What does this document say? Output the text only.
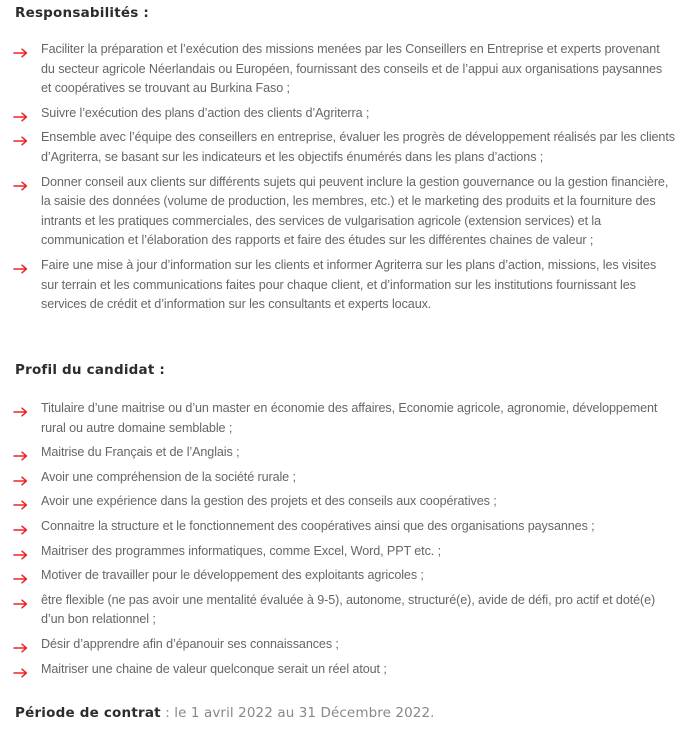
Responsabilités :
Faciliter la préparation et l’exécution des missions menées par les Conseillers en Entreprise et experts provenant du secteur agricole Néerlandais ou Européen, fournissant des conseils et de l’appui aux organisations paysannes et coopératives se trouvant au Burkina Faso ;
Suivre l’exécution des plans d’action des clients d’Agriterra ;
Ensemble avec l’équipe des conseillers en entreprise, évaluer les progrès de développement réalisés par les clients d’Agriterra, se basant sur les indicateurs et les objectifs énumérés dans les plans d’actions ;
Donner conseil aux clients sur différents sujets qui peuvent inclure la gestion gouvernance ou la gestion financière, la saisie des données (volume de production, les membres, etc.) et le marketing des produits et la fourniture des intrants et les pratiques commerciales, des services de vulgarisation agricole (extension services) et la communication et l’élaboration des rapports et faire des études sur les différentes chaines de valeur ;
Faire une mise à jour d’information sur les clients et informer Agriterra sur les plans d’action, missions, les visites sur terrain et les communications faites pour chaque client, et d’information sur les institutions fournissant les services de crédit et d’information sur les consultants et experts locaux.
Profil du candidat :
Titulaire d’une maitrise ou d’un master en économie des affaires, Economie agricole, agronomie, développement rural ou autre domaine semblable ;
Maitrise du Français et de l’Anglais ;
Avoir une compréhension de la société rurale ;
Avoir une expérience dans la gestion des projets et des conseils aux coopératives ;
Connaitre la structure et le fonctionnement des coopératives ainsi que des organisations paysannes ;
Maitriser des programmes informatiques, comme Excel, Word, PPT etc. ;
Motiver de travailler pour le développement des exploitants agricoles ;
être flexible (ne pas avoir une mentalité évaluée à 9-5), autonome, structuré(e), avide de défi, pro actif et doté(e) d’un bon relationnel ;
Désir d’apprendre afin d’épanouir ses connaissances ;
Maitriser une chaine de valeur quelconque serait un réel atout ;

Période de contrat : le 1 avril 2022 au 31 Décembre 2022.
